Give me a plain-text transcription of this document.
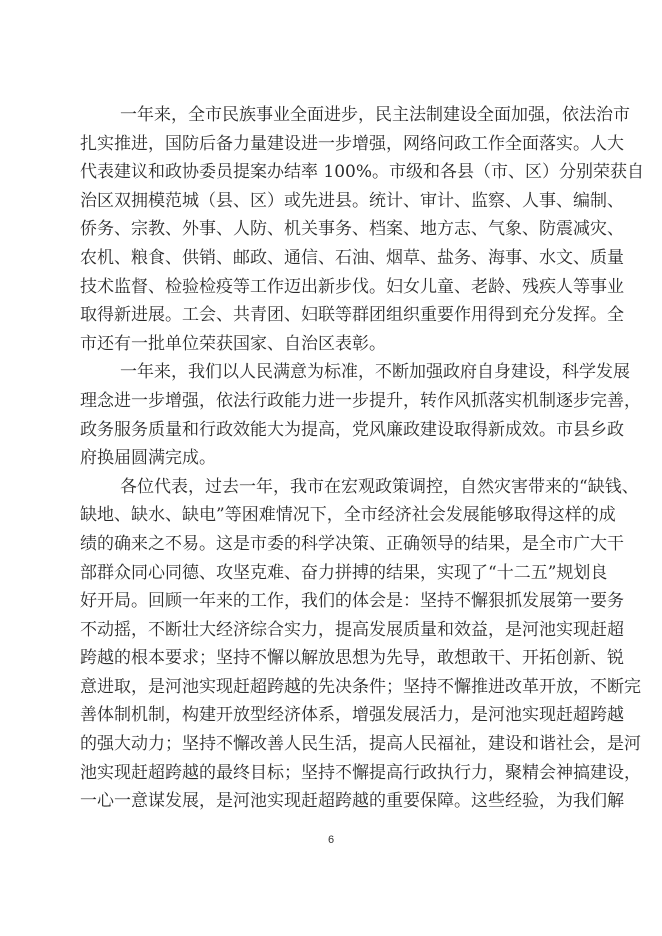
一年来，全市民族事业全面进步，民主法制建设全面加强，依法治市
扎实推进，国防后备力量建设进一步增强，网络问政工作全面落实。人大
代表建议和政协委员提案办结率 100%。市级和各县（市、区）分别荣获自
治区双拥模范城（县、区）或先进县。统计、审计、监察、人事、编制、
侨务、宗教、外事、人防、机关事务、档案、地方志、气象、防震减灾、
农机、粮食、供销、邮政、通信、石油、烟草、盐务、海事、水文、质量
技术监督、检验检疫等工作迈出新步伐。妇女儿童、老龄、残疾人等事业
取得新进展。工会、共青团、妇联等群团组织重要作用得到充分发挥。全
市还有一批单位荣获国家、自治区表彰。
一年来，我们以人民满意为标准，不断加强政府自身建设，科学发展
理念进一步增强，依法行政能力进一步提升，转作风抓落实机制逐步完善，
政务服务质量和行政效能大为提高，党风廉政建设取得新成效。市县乡政
府换届圆满完成。
各位代表，过去一年，我市在宏观政策调控，自然灾害带来的“缺钱、
缺地、缺水、缺电”等困难情况下，全市经济社会发展能够取得这样的成
绩的确来之不易。这是市委的科学决策、正确领导的结果，是全市广大干
部群众同心同德、攻坚克难、奋力拼搏的结果，实现了“十二五”规划良
好开局。回顾一年来的工作，我们的体会是：坚持不懈狠抓发展第一要务
不动摇，不断壮大经济综合实力，提高发展质量和效益，是河池实现赶超
跨越的根本要求；坚持不懈以解放思想为先导，敢想敢干、开拓创新、锐
意进取，是河池实现赶超跨越的先决条件；坚持不懈推进改革开放，不断完
善体制机制，构建开放型经济体系，增强发展活力，是河池实现赶超跨越
的强大动力；坚持不懈改善人民生活，提高人民福祉，建设和谐社会，是河
池实现赶超跨越的最终目标；坚持不懈提高行政执行力，聚精会神搞建设，
一心一意谋发展，是河池实现赶超跨越的重要保障。这些经验，为我们解
6
